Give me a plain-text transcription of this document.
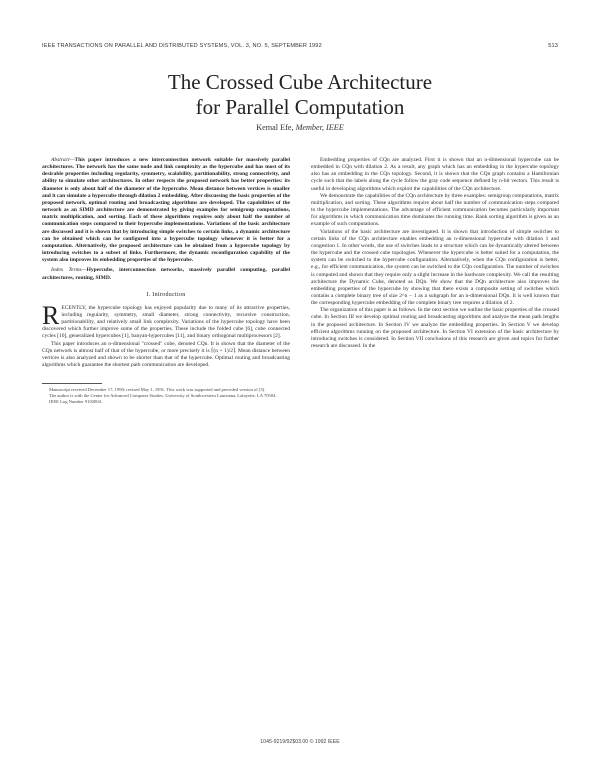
IEEE TRANSACTIONS ON PARALLEL AND DISTRIBUTED SYSTEMS, VOL. 3, NO. 5, SEPTEMBER 1992	513
The Crossed Cube Architecture
for Parallel Computation
Kemal Efe, Member, IEEE

Abstract—This paper introduces a new interconnection network suitable for massively parallel architectures. The network has the same node and link complexity as the hypercube and has most of its desirable properties including regularity, symmetry, scalability, partitionability, strong connectivity, and ability to simulate other architectures. In other respects the proposed network has better properties: its diameter is only about half of the diameter of the hypercube. Mean distance between vertices is smaller and it can simulate a hypercube through dilation 2 embedding. After discussing the basic properties of the proposed network, optimal routing and broadcasting algorithms are developed. The capabilities of the network as an SIMD architecture are demonstrated by giving examples for semigroup computations, matrix multiplication, and sorting. Each of these algorithms requires only about half the number of communication steps compared to their hypercube implementations. Variations of the basic architecture are discussed and it is shown that by introducing simple switches to certain links, a dynamic architecture can be obtained which can be configured into a hypercube topology whenever it is better for a computation. Alternatively, the proposed architecture can be obtained from a hypercube topology by introducing switches to a subset of links. Furthermore, the dynamic reconfiguration capability of the system also improves its embedding properties of the hypercube.

Index Terms—Hypercube, interconnection networks, massively parallel computing, parallel architectures, routing, SIMD.

I. Introduction

RECENTLY, the hypercube topology has enjoyed popularity due to many of its attractive properties, including regularity, symmetry, small diameter, strong connectivity, recursive construction, partitionability, and relatively small link complexity. Variations of the hypercube topology have been discovered which further improve some of the properties. These include the folded cube [6], cube connected cycles [10], generalized hypercubes [1], banyan-hypercubes [11], and binary orthogonal multiprocessors [2].

This paper introduces an n-dimensional "crossed" cube, denoted CQn. It is shown that the diameter of the CQn network is almost half of that of the hypercube, or more precisely it is ⌈(n + 1)/2⌉. Mean distance between vertices is also analyzed and shown to be shorter than that of the hypercube. Optimal routing and broadcasting algorithms which guarantee the shortest path communication are developed.

Manuscript received December 17, 1990; revised May 1, 1991. This work was supported and preceded version of [3].

The author is with the Center for Advanced Computer Studies, University of Southwestern Louisiana, Lafayette, LA 70504.

IEEE Log Number 9102004.

Embedding properties of CQn are analyzed. First it is shown that an n-dimensional hypercube can be embedded in CQn with dilation 2. As a result, any graph which has an embedding in the hypercube topology also has an embedding in the CQn topology. Second, it is shown that the CQn graph contains a Hamiltonian cycle such that the labels along the cycle follow the gray code sequence defined by n-bit vectors. This result is useful in developing algorithms which exploit the capabilities of the CQn architecture.

We demonstrate the capabilities of the CQn architecture by three examples: semigroup computations, matrix multiplication, and sorting. These algorithms require about half the number of communication steps compared to the hypercube implementations. The advantage of efficient communication becomes particularly important for algorithms in which communication time dominates the running time. Rank sorting algorithm is given as an example of such computations.

Variations of the basic architecture are investigated. It is shown that introduction of simple switches to certain links of the CQn architecture enables embedding an n-dimensional hypercube with dilation 1 and congestion 1. In other words, the use of switches leads to a structure which can be dynamically altered between the hypercube and the crossed cube topologies. Whenever the hypercube is better suited for a computation, the system can be switched to the hypercube configuration. Alternatively, when the CQn configuration is better, e.g., for efficient communication, the system can be switched to the CQn configuration. The number of switches is computed and shown that they require only a slight increase in the hardware complexity. We call the resulting architecture the Dynamic Cube, denoted as DQn. We show that the DQn architecture also improves the embedding properties of the hypercube by showing that there exists a composite setting of switches which contains a complete binary tree of size 2^n − 1 as a subgraph for an n-dimensional DQn. It is well known that the corresponding hypercube embedding of the complete binary tree requires a dilation of 2.

The organization of this paper is as follows. In the next section we outline the basic properties of the crossed cube. In Section III we develop optimal routing and broadcasting algorithms and analyze the mean path lengths in the proposed architecture. In Section IV we analyze the embedding properties. In Section V we develop efficient algorithms running on the proposed architecture. In Section VI extension of the basic architecture by introducing switches is considered. In Section VII conclusions of this research are given and topics for further research are discussed. In the

1045-9219/92$03.00 © 1992 IEEE
